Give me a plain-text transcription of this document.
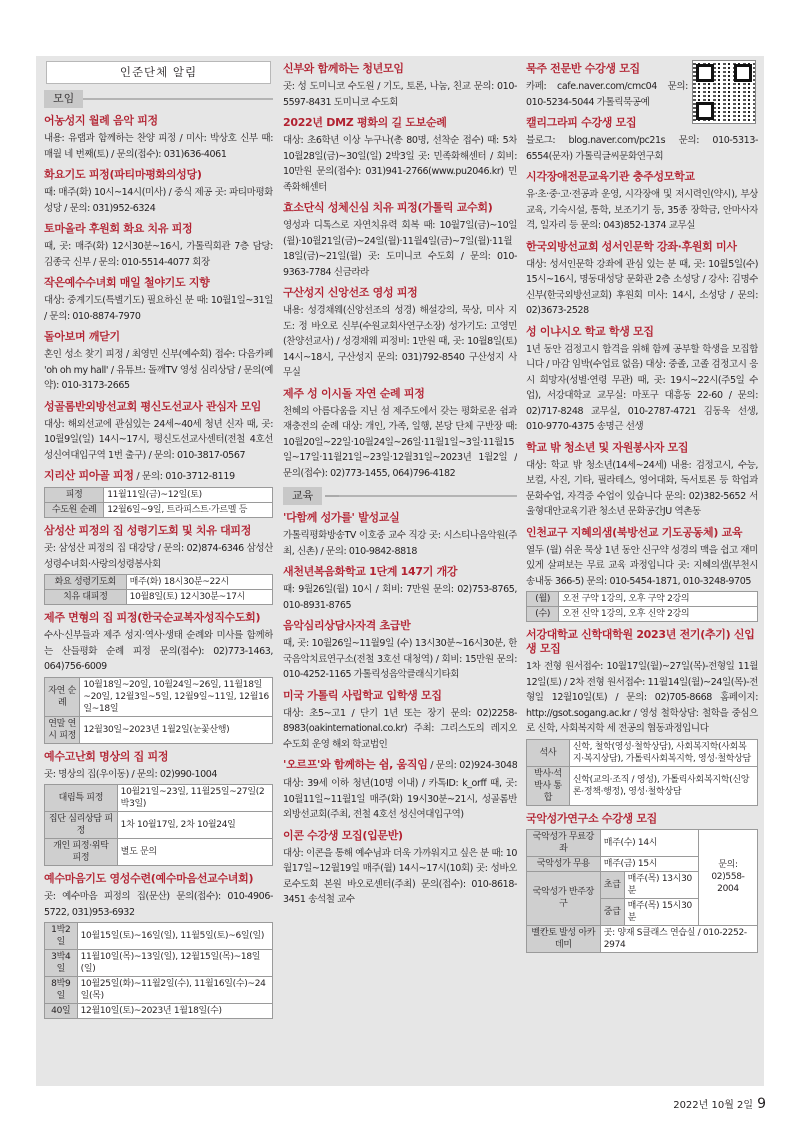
인준단체 알림
모임
어농성지 월례 음악 피정

내용: 유랩과 함께하는 찬양 피정 / 미사: 박상호 신부 때: 매월 네 번째(토) / 문의(접수): 031)636-4061

화요기도 피정(파티마평화의성당)

때: 매주(화) 10시~14시(미사) / 중식 제공 곳: 파티마평화성당 / 문의: 031)952-6324

토마올라 후원회 화요 치유 피정

때, 곳: 매주(화) 12시30분~16시, 가톨릭회관 7층 담당: 김종국 신부 / 문의: 010-5514-4077 회장

작은예수수녀회 매일 철야기도 지향

대상: 중계기도(특별기도) 필요하신 분 때: 10월1일~31일 / 문의: 010-8874-7970

돌아보며 깨닫기

혼인 성소 찾기 피정 / 최영민 신부(예수회) 접수: 다음카페 'oh oh my hall' / 유튜브: 돌깨TV 영성 심리상담 / 문의(예약): 010-3173-2665

성골롬반외방선교회 평신도선교사 관심자 모임

대상: 해외선교에 관심있는 24세~40세 청년 신자 때, 곳: 10월9일(일) 14시~17시, 평신도선교사센터(전철 4호선 성신여대입구역 1번 출구) / 문의: 010-3817-0567

지리산 피아골 피정 / 문의: 010-3712-8119
피정	11월11일(금)~12일(토)
수도원 순례	12월6일~9일, 트라피스트·가르멜 등
삼성산 피정의 집 성령기도회 및 치유 대피정

곳: 삼성산 피정의 집 대강당 / 문의: 02)874-6346 삼성산성령수녀회·사랑의성령봉사회

화요 성령기도회	매주(화) 18시30분~22시
치유 대피정	10월8일(토) 12시30분~17시
제주 면형의 집 피정(한국순교복자성직수도회)

수사·신부들과 제주 성지·역사·생태 순례와 미사를 함께하는 산들평화 순례 피정 문의(접수): 02)773-1463, 064)756-6009

자연 순례	10월18일~20일, 10월24일~26일, 11월18일~20일, 12월3일~5일, 12월9일~11일, 12월16일~18일
연말 연시 피정	12월30일~2023년 1월2일(눈꽃산행)
예수고난회 명상의 집 피정

곳: 명상의 집(우이동) / 문의: 02)990-1004

대림특 피정	10월21일~23일, 11월25일~27일(2박3일)
집단 심리상담 피정	1차 10월17일, 2차 10월24일
개인 피정·위탁 피정	별도 문의
예수마음기도 영성수련(예수마음선교수녀회)

곳: 예수마음 피정의 집(문산) 문의(접수): 010-4906-5722, 031)953-6932

1박2일	10월15일(토)~16일(일), 11월5일(토)~6일(일)
3박4일	11월10일(목)~13일(일), 12월15일(목)~18일(일)
8박9일	10월25일(화)~11월2일(수), 11월16일(수)~24일(목)
40일	12월10일(토)~2023년 1월18일(수)
신부와 함께하는 청년모임

곳: 성 도미니코 수도원 / 기도, 토론, 나눔, 친교 문의: 010-5597-8431 도미니코 수도회

2022년 DMZ 평화의 길 도보순례

대상: 초6학년 이상 누구나(총 80명, 선착순 접수) 때: 5차 10월28일(금)~30일(일) 2박3일 곳: 민족화해센터 / 회비: 10만원 문의(접수): 031)941-2766(www.pu2046.kr) 민족화해센터

효소단식 성체신심 치유 피정(가톨릭 교수회)

영성과 디톡스로 자연치유력 회복 때: 10월7일(금)~10일(월)·10월21일(금)~24일(월)·11월4일(금)~7일(월)·11월18일(금)~21일(월) 곳: 도미니코 수도회 / 문의: 010-9363-7784 신금라라

구산성지 신앙선조 영성 피정

내용: 성경채웨(신앙선조의 성경) 해설강의, 묵상, 미사 지도: 정 바오로 신부(수원교회사연구소장) 성가기도: 고영민(찬양선교사) / 성경채웨 피정비: 1만원 때, 곳: 10월8일(토) 14시~18시, 구산성지 문의: 031)792-8540 구산성지 사무실

제주 성 이시돌 자연 순례 피정

천혜의 아름다움을 지닌 섬 제주도에서 갖는 평화로운 쉼과 재충전의 순례 대상: 개인, 가족, 일행, 본당 단체 구반장 때: 10월20일~22일·10월24일~26일·11월1일~3일·11월15일~17일·11월21일~23일·12월31일~2023년 1월2일 / 문의(접수): 02)773-1455, 064)796-4182

교육
'다함께 성가를' 발성교실

가톨릭평화방송TV 이호중 교수 직강 곳: 시스티나음악원(주최, 신촌) / 문의: 010-9842-8818

새천년복음화학교 1단계 147기 개강

때: 9월26일(월) 10시 / 회비: 7만원 문의: 02)753-8765, 010-8931-8765

음악심리상담사자격 초급반

때, 곳: 10월26일~11월9일 (수) 13시30분~16시30분, 한국음악치료연구소(전철 3호선 대청역) / 회비: 15만원 문의: 010-4252-1165 가톨릭성음악클래식기타회

미국 가톨릭 사립학교 입학생 모집

대상: 초5~고1 / 단기 1년 또는 장기 문의: 02)2258-8983(oakinternational.co.kr) 주최: 그리스도의 레지오 수도회 운영 해외 학교법인

'오르프'와 함께하는 쉼, 움직임 / 문의: 02)924-3048

대상: 39세 이하 청년(10명 이내) / 카톡ID: k_orff 때, 곳: 10월11일~11월1일 매주(화) 19시30분~21시, 성골롬반외방선교회(주최, 전철 4호선 성신여대입구역)

이콘 수강생 모집(입문반)

대상: 이콘을 통해 예수님과 더욱 가까워지고 싶은 분 때: 10월17일~12월19일 매주(월) 14시~17시(10회) 곳: 성바오로수도회 본원 바오로센터(주최) 문의(접수): 010-8618-3451 송석철 교수

묵주 전문반 수강생 모집

카페: cafe.naver.com/cmc04 문의: 010-5234-5044 가톨릭묵공예

캘리그라피 수강생 모집

블로그: blog.naver.com/pc21s 문의: 010-5313-6554(문자) 가톨릭글씨문화연구회

시각장애전문교육기관 충주성모학교

유·초·중·고·전공과 운영, 시각장애 및 저시력인(약시), 부상교육, 기숙시설, 통학, 보조기기 등, 35종 장학금, 안마사자격, 일자리 등 문의: 043)852-1374 교무실

한국외방선교회 성서인문학 강좌·후원회 미사

대상: 성서인문학 강좌에 관심 있는 분 때, 곳: 10월5일(수) 15시~16시, 명동대성당 문화관 2층 소성당 / 강사: 김명수 신부(한국외방선교회) 후원회 미사: 14시, 소성당 / 문의: 02)3673-2528

성 이냐시오 학교 학생 모집

1년 동안 검정고시 합격을 위해 함께 공부할 학생을 모집합니다 / 마감 임박(수업료 없음) 대상: 중졸, 고졸 검정고시 응시 희망자(성별·연령 무관) 때, 곳: 19시~22시(주5일 수업), 서강대학교 교무실: 마포구 대흥동 22-60 / 문의: 02)717-8248 교무실, 010-2787-4721 김동욱 선생, 010-9770-4375 송명근 선생

학교 밖 청소년 및 자원봉사자 모집

대상: 학교 밖 청소년(14세~24세) 내용: 검정고시, 수능, 보컬, 사진, 기타, 필라테스, 영어대화, 독서토론 등 학업과 문화수업, 자격증 수업이 있습니다 문의: 02)382-5652 서울형대안교육기관 청소년 문화공간JU 역촌동

인천교구 지혜의샘(북방선교 기도공동체) 교육

열두 (월) 쉬운 묵상 1년 동안 신구약 성경의 맥을 쉽고 재미있게 살펴보는 무료 교육 과정입니다 곳: 지혜의샘(부천시 송내동 366-5) 문의: 010-5454-1871, 010-3248-9705

(월)	오전 구약 1강의, 오후 구약 2강의
(수)	오전 신약 1강의, 오후 신약 2강의
서강대학교 신학대학원 2023년 전기(추기) 신입생 모집

1차 전형 원서접수: 10월17일(월)~27일(목)-전형일 11월12일(토) / 2차 전형 원서접수: 11월14일(월)~24일(목)-전형일 12월10일(토) / 문의: 02)705-8668 홈페이지: http://gsot.sogang.ac.kr / 영성 철학상담: 철학을 중심으로 신학, 사회복지학 세 전공의 협동과정입니다

석사	신학, 철학(영성·철학상담), 사회복지학(사회복지·복지상담), 가톨릭사회복지학, 영성·철학상담
박사·석박사 통합	신학(교의·조직 / 영성), 가톨릭사회복지학(신앙론·정책·행정), 영성·철학상담
국악성가연구소 수강생 모집
국악성가 무료강좌	매주(수) 14시		문의: 02)558-2004
국악성가 무용	매주(금) 15시		
국악성가 반주장구	초급	매주(목) 13시30분	
	중급	매주(목) 15시30분	
벨칸토 발성 아카데미	곳: 양재 S클래스 연습실 / 010-2252-2974		
2022년 10월 2일 9
